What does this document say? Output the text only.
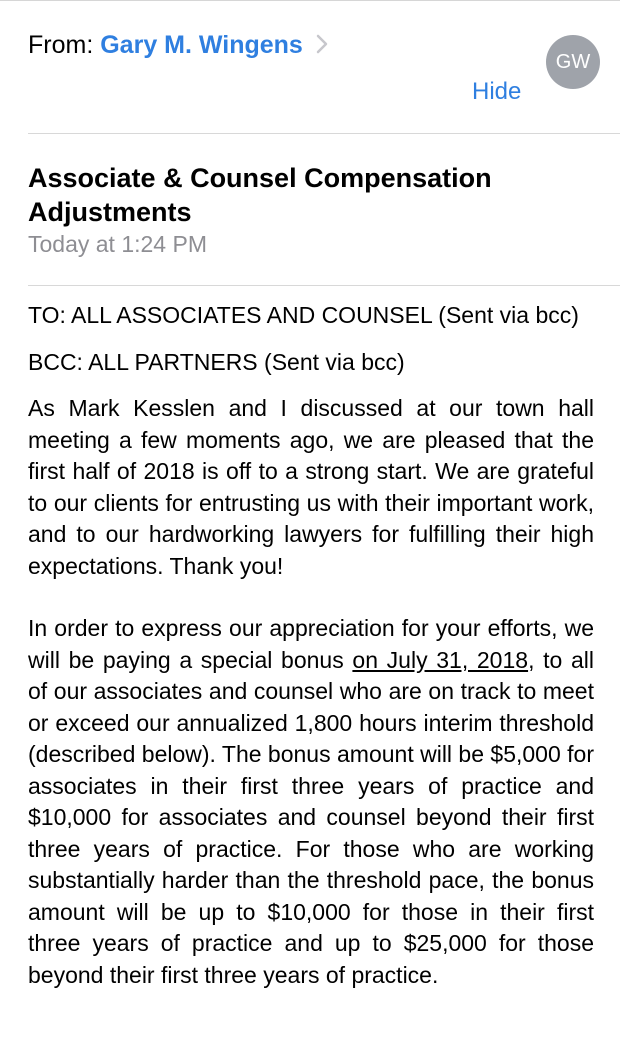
From: Gary M. Wingens
GW
Hide
Associate & Counsel Compensation
Adjustments
Today at 1:24 PM

TO: ALL ASSOCIATES AND COUNSEL (Sent via bcc)

BCC: ALL PARTNERS (Sent via bcc)

As Mark Kesslen and I discussed at our town hall meeting a few moments ago, we are pleased that the first half of 2018 is off to a strong start. We are grateful to our clients for entrusting us with their important work, and to our hardworking lawyers for fulfilling their high expectations. Thank you!

In order to express our appreciation for your efforts, we will be paying a special bonus on July 31, 2018, to all of our associates and counsel who are on track to meet or exceed our annualized 1,800 hours interim threshold (described below). The bonus amount will be $5,000 for associates in their first three years of practice and $10,000 for associates and counsel beyond their first three years of practice. For those who are working substantially harder than the threshold pace, the bonus amount will be up to $10,000 for those in their first three years of practice and up to $25,000 for those beyond their first three years of practice.
